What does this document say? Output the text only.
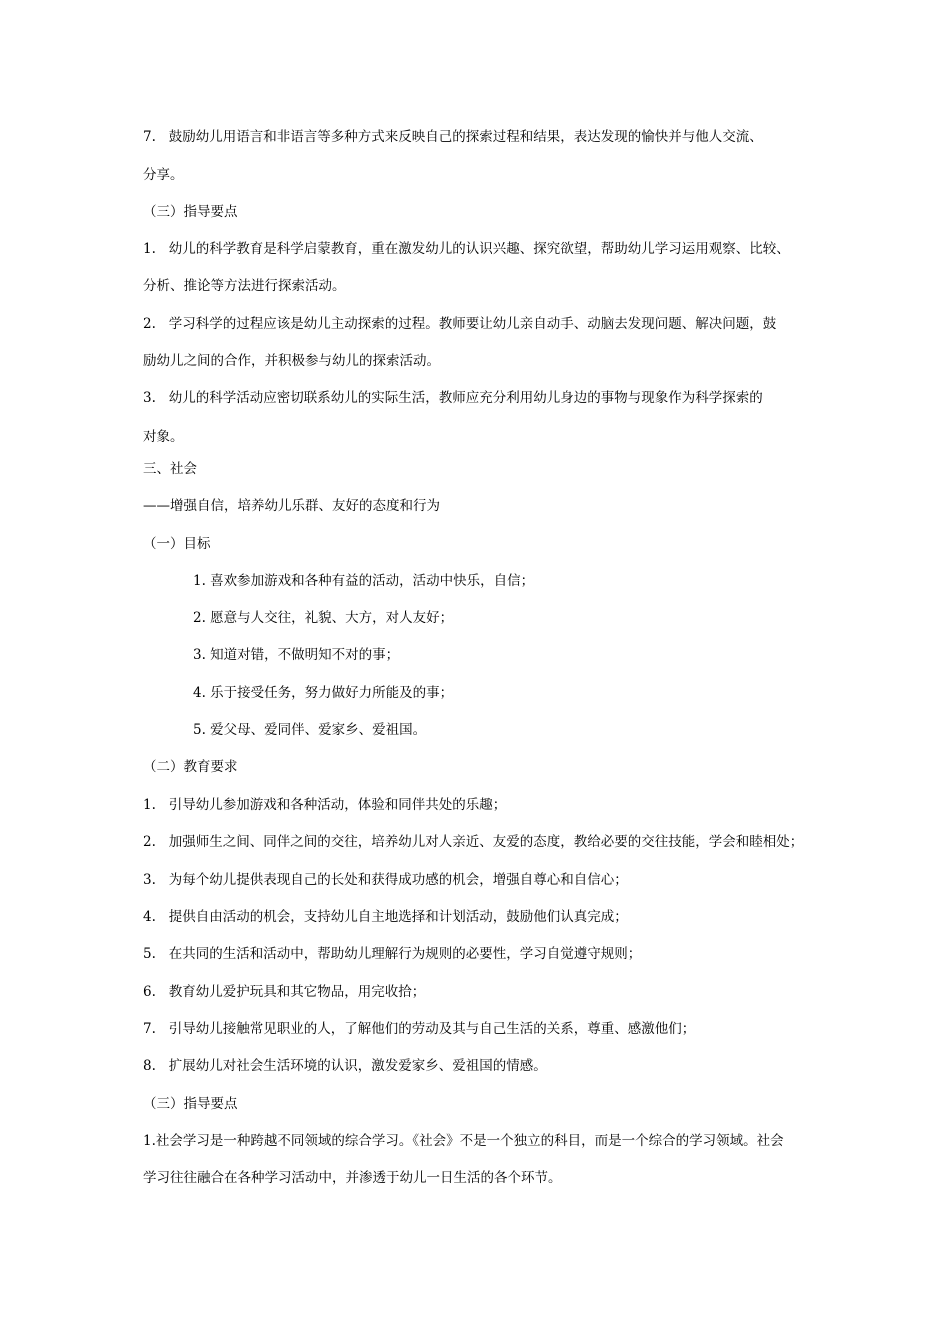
7.   鼓励幼儿用语言和非语言等多种方式来反映自己的探索过程和结果，表达发现的愉快并与他人交流、
分享。
（三）指导要点
1.   幼儿的科学教育是科学启蒙教育，重在激发幼儿的认识兴趣、探究欲望，帮助幼儿学习运用观察、比较、
分析、推论等方法进行探索活动。
2.   学习科学的过程应该是幼儿主动探索的过程。教师要让幼儿亲自动手、动脑去发现问题、解决问题，鼓
励幼儿之间的合作，并积极参与幼儿的探索活动。
3.   幼儿的科学活动应密切联系幼儿的实际生活，教师应充分利用幼儿身边的事物与现象作为科学探索的
对象。
三、社会
——增强自信，培养幼儿乐群、友好的态度和行为
（一）目标
1. 喜欢参加游戏和各种有益的活动，活动中快乐，自信；
2. 愿意与人交往，礼貌、大方，对人友好；
3. 知道对错，不做明知不对的事；
4. 乐于接受任务，努力做好力所能及的事；
5. 爱父母、爱同伴、爱家乡、爱祖国。
（二）教育要求
1.   引导幼儿参加游戏和各种活动，体验和同伴共处的乐趣；
2.   加强师生之间、同伴之间的交往，培养幼儿对人亲近、友爱的态度，教给必要的交往技能，学会和睦相处；
3.   为每个幼儿提供表现自己的长处和获得成功感的机会，增强自尊心和自信心；
4.   提供自由活动的机会，支持幼儿自主地选择和计划活动，鼓励他们认真完成；
5.   在共同的生活和活动中，帮助幼儿理解行为规则的必要性，学习自觉遵守规则；
6.   教育幼儿爱护玩具和其它物品，用完收拾；
7.   引导幼儿接触常见职业的人，了解他们的劳动及其与自己生活的关系，尊重、感激他们；
8.   扩展幼儿对社会生活环境的认识，激发爱家乡、爱祖国的情感。
（三）指导要点
1.社会学习是一种跨越不同领域的综合学习。《社会》不是一个独立的科目，而是一个综合的学习领域。社会
学习往往融合在各种学习活动中，并渗透于幼儿一日生活的各个环节。
